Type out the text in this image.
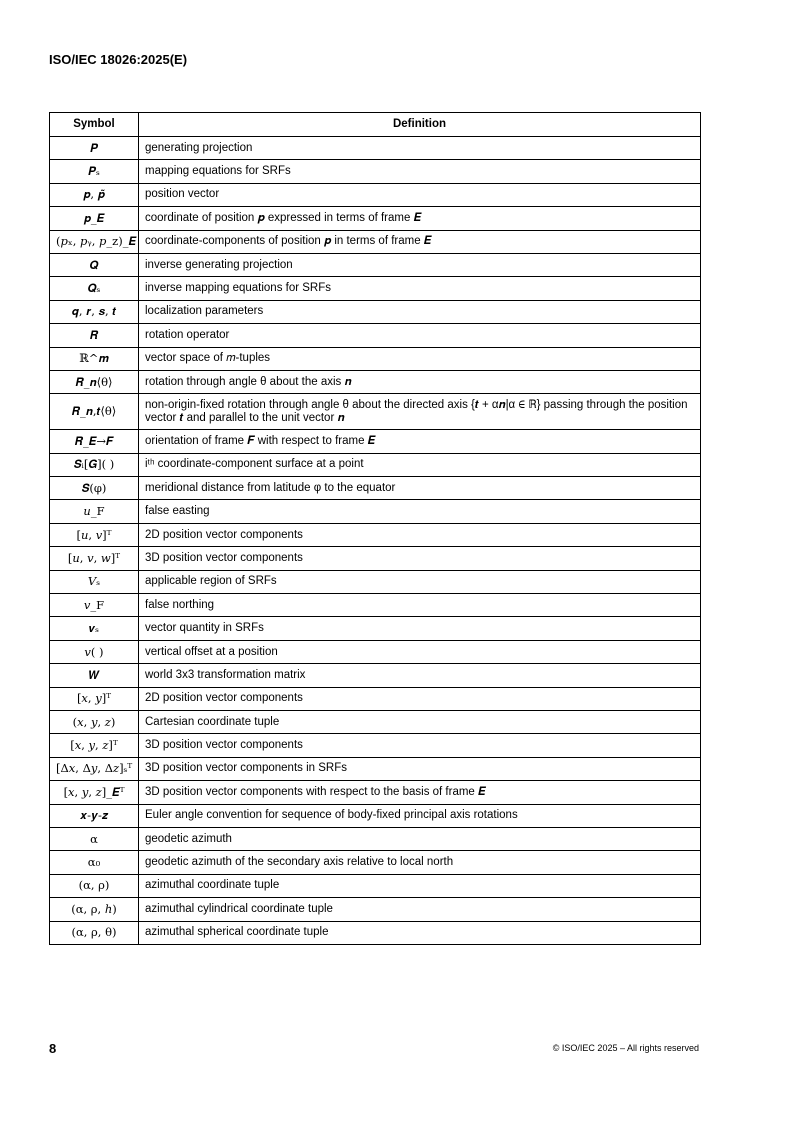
ISO/IEC 18026:2025(E)
Symbol	Definition
𝑷	generating projection
𝑷ₛ	mapping equations for SRFs
𝒑, 𝒑̃	position vector
𝒑_𝑬	coordinate of position 𝒑 expressed in terms of frame 𝑬
(𝑝ₓ, 𝑝ᵧ, 𝑝_z)_𝑬	coordinate-components of position 𝒑 in terms of frame 𝑬
𝑸	inverse generating projection
𝑸ₛ	inverse mapping equations for SRFs
𝒒, 𝒓, 𝒔, 𝒕	localization parameters
𝑹	rotation operator
ℝ^𝒎	vector space of 𝑚-tuples
𝑹_𝒏⟨θ⟩	rotation through angle θ about the axis 𝒏
𝑹_𝒏,𝒕⟨θ⟩	non-origin-fixed rotation through angle θ about the directed axis {𝒕 + α𝒏|α ∈ ℝ} passing through the position vector 𝒕 and parallel to the unit vector 𝒏
𝑹_𝑬→𝑭	orientation of frame 𝑭 with respect to frame 𝑬
𝑺ᵢ[𝑮]( )	iᵗʰ coordinate-component surface at a point
𝑺(φ)	meridional distance from latitude φ to the equator
𝑢_F	false easting
[𝑢, 𝑣]ᵀ	2D position vector components
[𝑢, 𝑣, 𝑤]ᵀ	3D position vector components
𝑉ₛ	applicable region of SRFs
𝑣_F	false northing
𝒗ₛ	vector quantity in SRFs
𝑣( )	vertical offset at a position
𝑾	world 3x3 transformation matrix
[𝑥, 𝑦]ᵀ	2D position vector components
(𝑥, 𝑦, 𝑧)	Cartesian coordinate tuple
[𝑥, 𝑦, 𝑧]ᵀ	3D position vector components
[Δ𝑥, Δ𝑦, Δ𝑧]ₛᵀ	3D position vector components in SRFs
[𝑥, 𝑦, 𝑧]_𝑬ᵀ	3D position vector components with respect to the basis of frame 𝑬
𝒙-𝒚-𝒛	Euler angle convention for sequence of body-fixed principal axis rotations
α	geodetic azimuth
α₀	geodetic azimuth of the secondary axis relative to local north
(α, ρ)	azimuthal coordinate tuple
(α, ρ, ℎ)	azimuthal cylindrical coordinate tuple
(α, ρ, θ)	azimuthal spherical coordinate tuple
8	© ISO/IEC 2025 – All rights reserved
